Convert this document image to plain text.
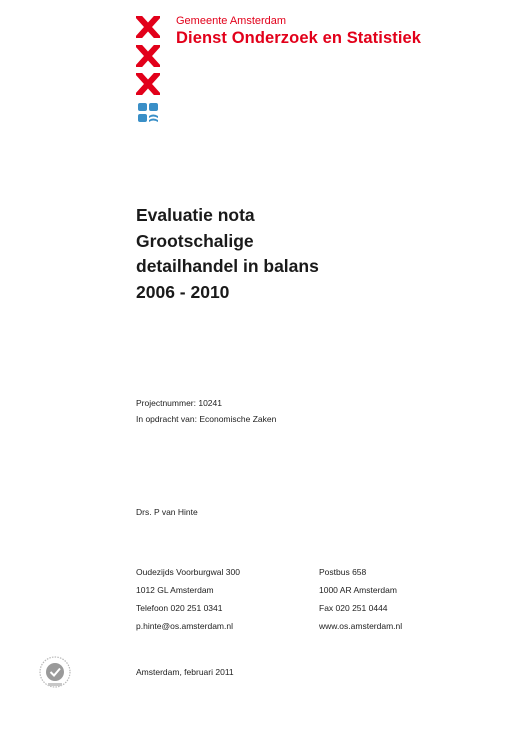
Gemeente Amsterdam
Dienst Onderzoek en Statistiek
Evaluatie nota
Grootschalige
detailhandel in balans
2006 - 2010
Projectnummer: 10241
In opdracht van: Economische Zaken
Drs. P van Hinte
Oudezijds Voorburgwal 300
1012 GL Amsterdam
Telefoon 020 251 0341
p.hinte@os.amsterdam.nl
Postbus 658
1000 AR Amsterdam
Fax 020 251 0444
www.os.amsterdam.nl
Amsterdam, februari 2011
